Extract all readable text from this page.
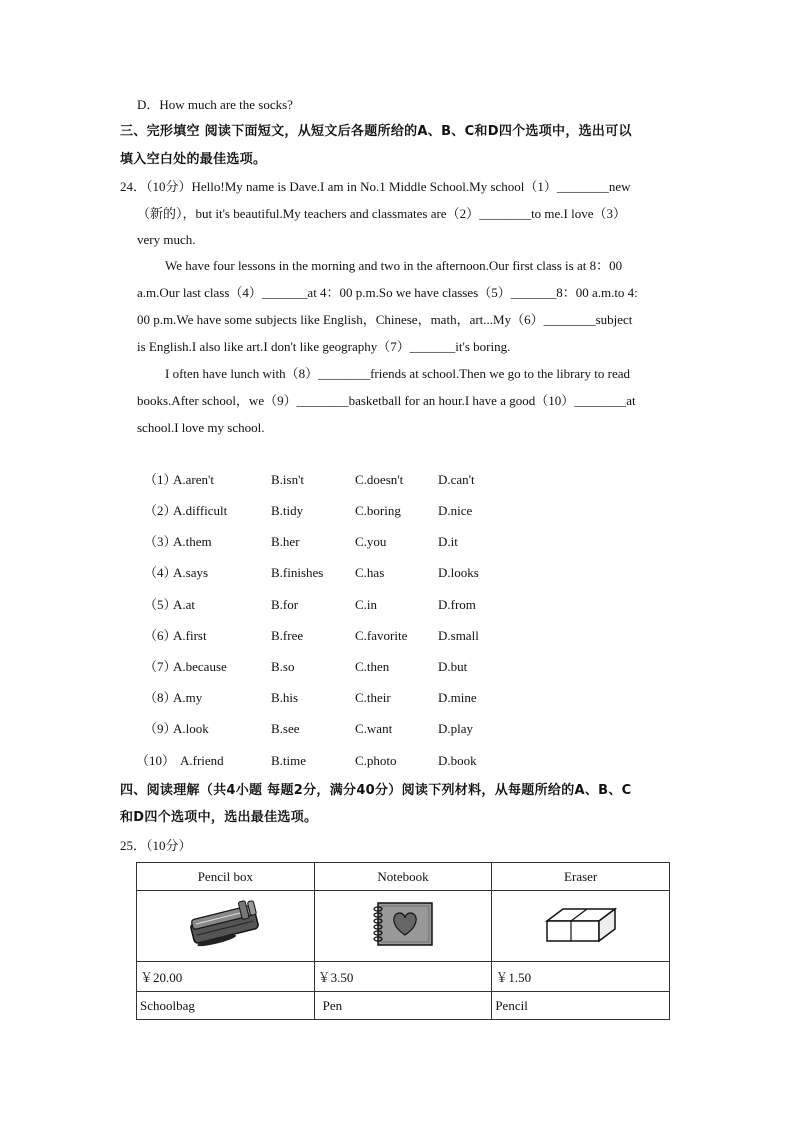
D．How much are the socks?
三、完形填空 阅读下面短文，从短文后各题所给的A、B、C和D四个选项中，选出可以
填入空白处的最佳选项。
24．（10分）Hello!My name is Dave.I am in No.1 Middle School.My school（1）________new
（新的），but it's beautiful.My teachers and classmates are（2）________to me.I love（3）
very much.
We have four lessons in the morning and two in the afternoon.Our first class is at 8：00
a.m.Our last class（4）_______at 4：00 p.m.So we have classes（5）_______8：00 a.m.to 4:
00 p.m.We have some subjects like English，Chinese，math，art...My（6）________subject
is English.I also like art.I don't like geography（7）_______it's boring.
I often have lunch with（8）________friends at school.Then we go to the library to read
books.After school，we（9）________basketball for an hour.I have a good（10）________at
school.I love my school.
（1）
A.aren't	B.isn't	C.doesn't	D.can't
（2）
A.difficult	B.tidy	C.boring	D.nice
（3）
A.them	B.her	C.you	D.it
（4）
A.says	B.finishes C.has	D.looks
（5）
A.at	B.for	C.in	D.from
（6）
A.first	B.free	C.favorite D.small
（7）
A.because	B.so	C.then	D.but
（8）
A.my	B.his	C.their	D.mine
（9）
A.look	B.see	C.want	D.play
（10） A.friend	B.time	C.photo	D.book
四、阅读理解（共4小题 每题2分，满分40分）阅读下列材料，从每题所给的A、B、C
和D四个选项中，选出最佳选项。
25．（10分）
Pencil box	Notebook	Eraser

￥20.00	￥3.50	￥1.50
Schoolbag	Pen	Pencil
